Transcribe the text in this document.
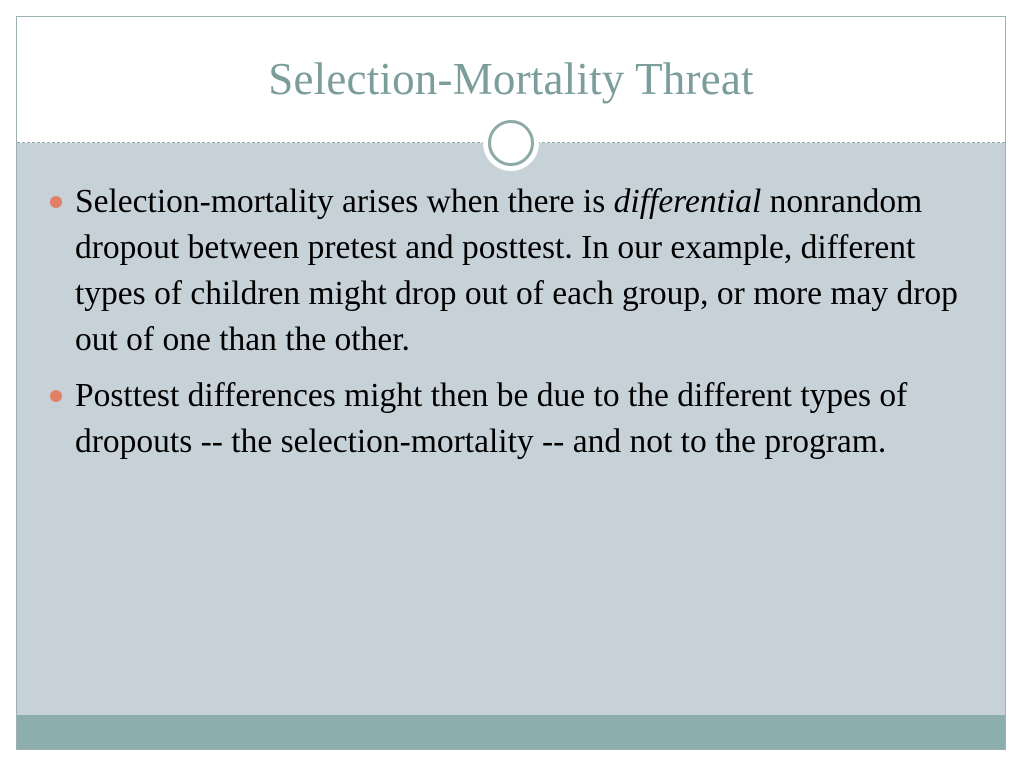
Selection-Mortality Threat
Selection-mortality arises when there is differential nonrandom dropout between pretest and posttest. In our example, different types of children might drop out of each group, or more may drop out of one than the other.
Posttest differences might then be due to the different types of dropouts -- the selection-mortality -- and not to the program.
